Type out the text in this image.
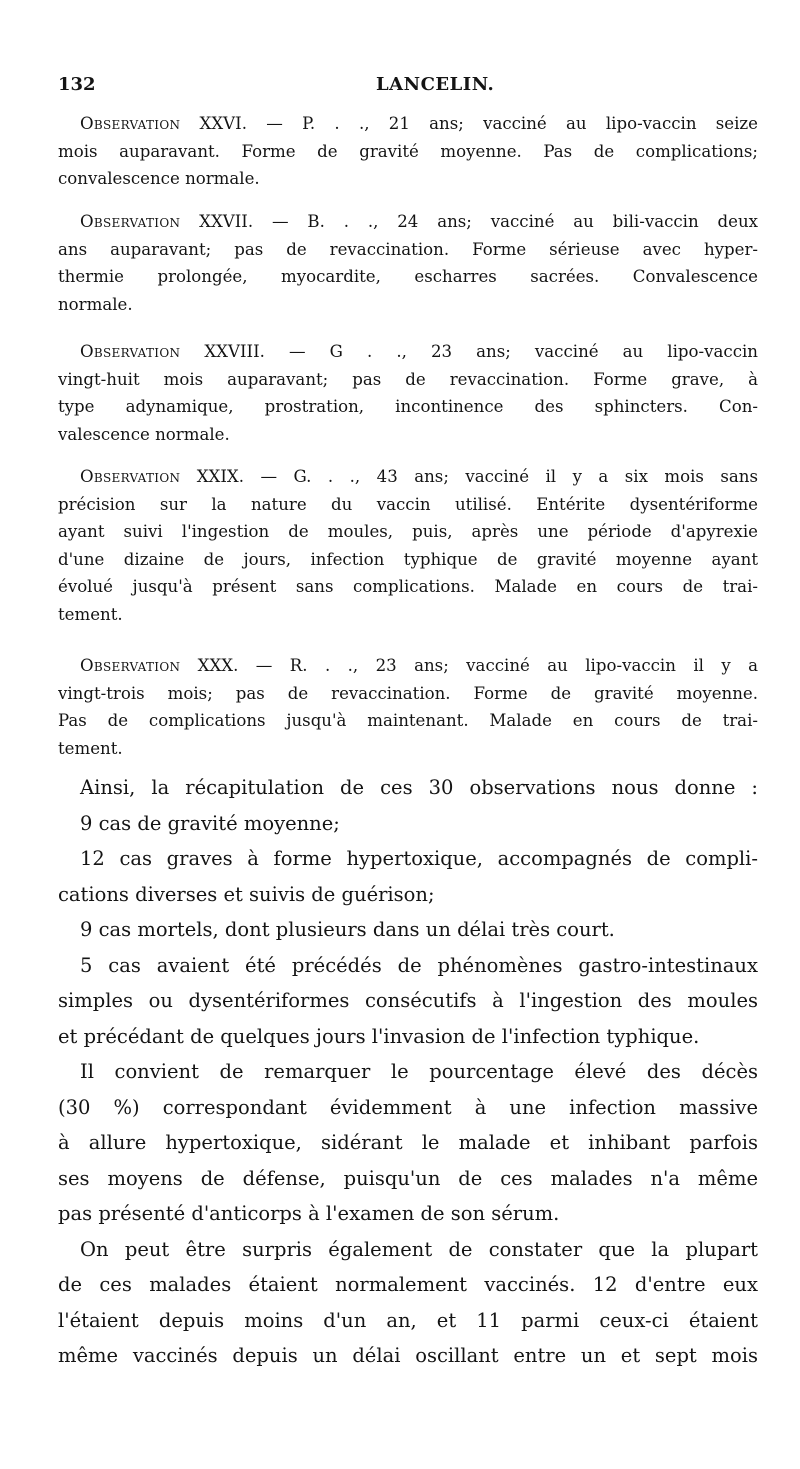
132	LANCELIN.
Observation XXVI. — P. . ., 21 ans; vacciné au lipo-vaccin seize
mois auparavant. Forme de gravité moyenne. Pas de complications;
convalescence normale.
Observation XXVII. — B. . ., 24 ans; vacciné au bili-vaccin deux
ans auparavant; pas de revaccination. Forme sérieuse avec hyper-
thermie prolongée, myocardite, escharres sacrées. Convalescence
normale.
Observation XXVIII. — G . ., 23 ans; vacciné au lipo-vaccin
vingt-huit mois auparavant; pas de revaccination. Forme grave, à
type adynamique, prostration, incontinence des sphincters. Con-
valescence normale.
Observation XXIX. — G. . ., 43 ans; vacciné il y a six mois sans
précision sur la nature du vaccin utilisé. Entérite dysentériforme
ayant suivi l'ingestion de moules, puis, après une période d'apyrexie
d'une dizaine de jours, infection typhique de gravité moyenne ayant
évolué jusqu'à présent sans complications. Malade en cours de trai-
tement.
Observation XXX. — R. . ., 23 ans; vacciné au lipo-vaccin il y a
vingt-trois mois; pas de revaccination. Forme de gravité moyenne.
Pas de complications jusqu'à maintenant. Malade en cours de trai-
tement.
Ainsi, la récapitulation de ces 30 observations nous donne :
9 cas de gravité moyenne;
12 cas graves à forme hypertoxique, accompagnés de compli-
cations diverses et suivis de guérison;
9 cas mortels, dont plusieurs dans un délai très court.
5 cas avaient été précédés de phénomènes gastro-intestinaux
simples ou dysentériformes consécutifs à l'ingestion des moules
et précédant de quelques jours l'invasion de l'infection typhique.
Il convient de remarquer le pourcentage élevé des décès
(30 %) correspondant évidemment à une infection massive
à allure hypertoxique, sidérant le malade et inhibant parfois
ses moyens de défense, puisqu'un de ces malades n'a même
pas présenté d'anticorps à l'examen de son sérum.
On peut être surpris également de constater que la plupart
de ces malades étaient normalement vaccinés. 12 d'entre eux
l'étaient depuis moins d'un an, et 11 parmi ceux-ci étaient
même vaccinés depuis un délai oscillant entre un et sept mois
